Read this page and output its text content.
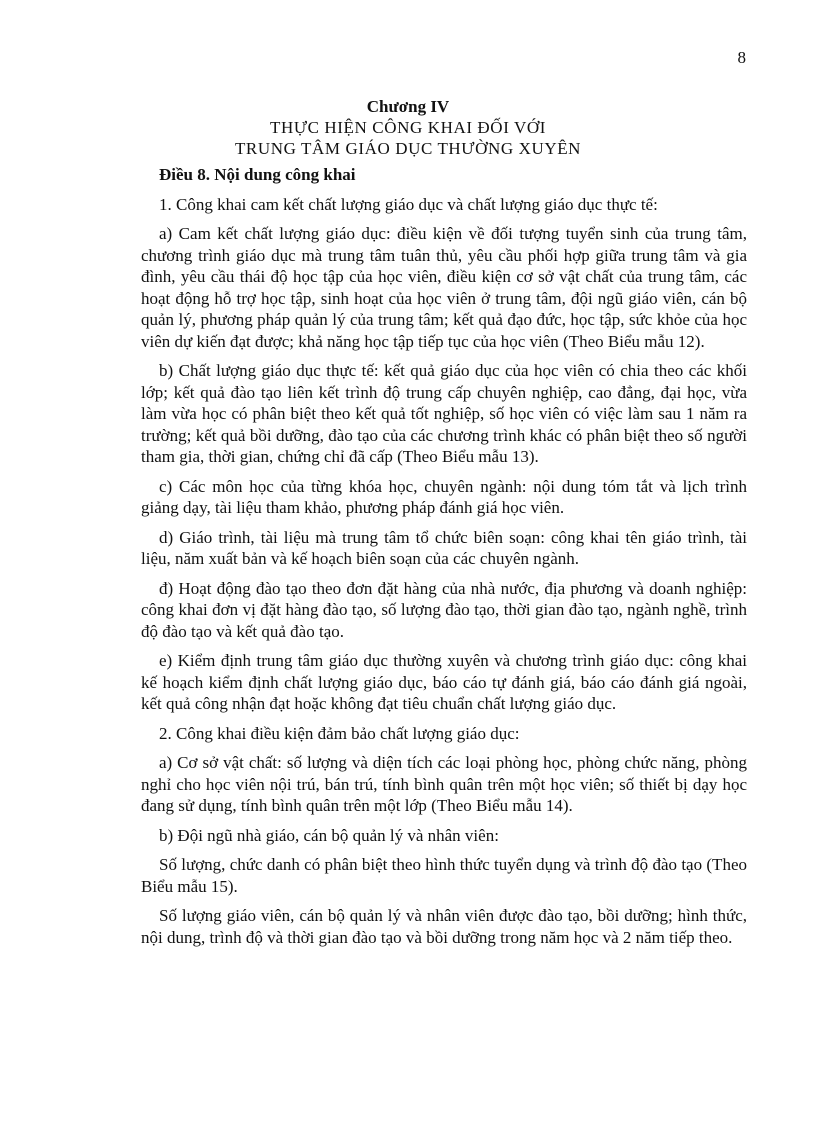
8
Chương IV
THỰC HIỆN CÔNG KHAI ĐỐI VỚI
TRUNG TÂM GIÁO DỤC THƯỜNG XUYÊN

Điều 8. Nội dung công khai

1. Công khai cam kết chất lượng giáo dục và chất lượng giáo dục thực tế:

a) Cam kết chất lượng giáo dục: điều kiện về đối tượng tuyển sinh của trung tâm, chương trình giáo dục mà trung tâm tuân thủ, yêu cầu phối hợp giữa trung tâm và gia đình, yêu cầu thái độ học tập của học viên, điều kiện cơ sở vật chất của trung tâm, các hoạt động hỗ trợ học tập, sinh hoạt của học viên ở trung tâm, đội ngũ giáo viên, cán bộ quản lý, phương pháp quản lý của trung tâm; kết quả đạo đức, học tập, sức khỏe của học viên dự kiến đạt được; khả năng học tập tiếp tục của học viên (Theo Biểu mẫu 12).

b) Chất lượng giáo dục thực tế: kết quả giáo dục của học viên có chia theo các khối lớp; kết quả đào tạo liên kết trình độ trung cấp chuyên nghiệp, cao đẳng, đại học, vừa làm vừa học có phân biệt theo kết quả tốt nghiệp, số học viên có việc làm sau 1 năm ra trường; kết quả bồi dưỡng, đào tạo của các chương trình khác có phân biệt theo số người tham gia, thời gian, chứng chỉ đã cấp (Theo Biểu mẫu 13).

c) Các môn học của từng khóa học, chuyên ngành: nội dung tóm tắt và lịch trình giảng dạy, tài liệu tham khảo, phương pháp đánh giá học viên.

d) Giáo trình, tài liệu mà trung tâm tổ chức biên soạn: công khai tên giáo trình, tài liệu, năm xuất bản và kế hoạch biên soạn của các chuyên ngành.

đ) Hoạt động đào tạo theo đơn đặt hàng của nhà nước, địa phương và doanh nghiệp: công khai đơn vị đặt hàng đào tạo, số lượng đào tạo, thời gian đào tạo, ngành nghề, trình độ đào tạo và kết quả đào tạo.

e) Kiểm định trung tâm giáo dục thường xuyên và chương trình giáo dục: công khai kế hoạch kiểm định chất lượng giáo dục, báo cáo tự đánh giá, báo cáo đánh giá ngoài, kết quả công nhận đạt hoặc không đạt tiêu chuẩn chất lượng giáo dục.

2. Công khai điều kiện đảm bảo chất lượng giáo dục:

a) Cơ sở vật chất: số lượng và diện tích các loại phòng học, phòng chức năng, phòng nghỉ cho học viên nội trú, bán trú, tính bình quân trên một học viên; số thiết bị dạy học đang sử dụng, tính bình quân trên một lớp (Theo Biểu mẫu 14).

b) Đội ngũ nhà giáo, cán bộ quản lý và nhân viên:

Số lượng, chức danh có phân biệt theo hình thức tuyển dụng và trình độ đào tạo (Theo Biểu mẫu 15).

Số lượng giáo viên, cán bộ quản lý và nhân viên được đào tạo, bồi dưỡng; hình thức, nội dung, trình độ và thời gian đào tạo và bồi dưỡng trong năm học và 2 năm tiếp theo.
